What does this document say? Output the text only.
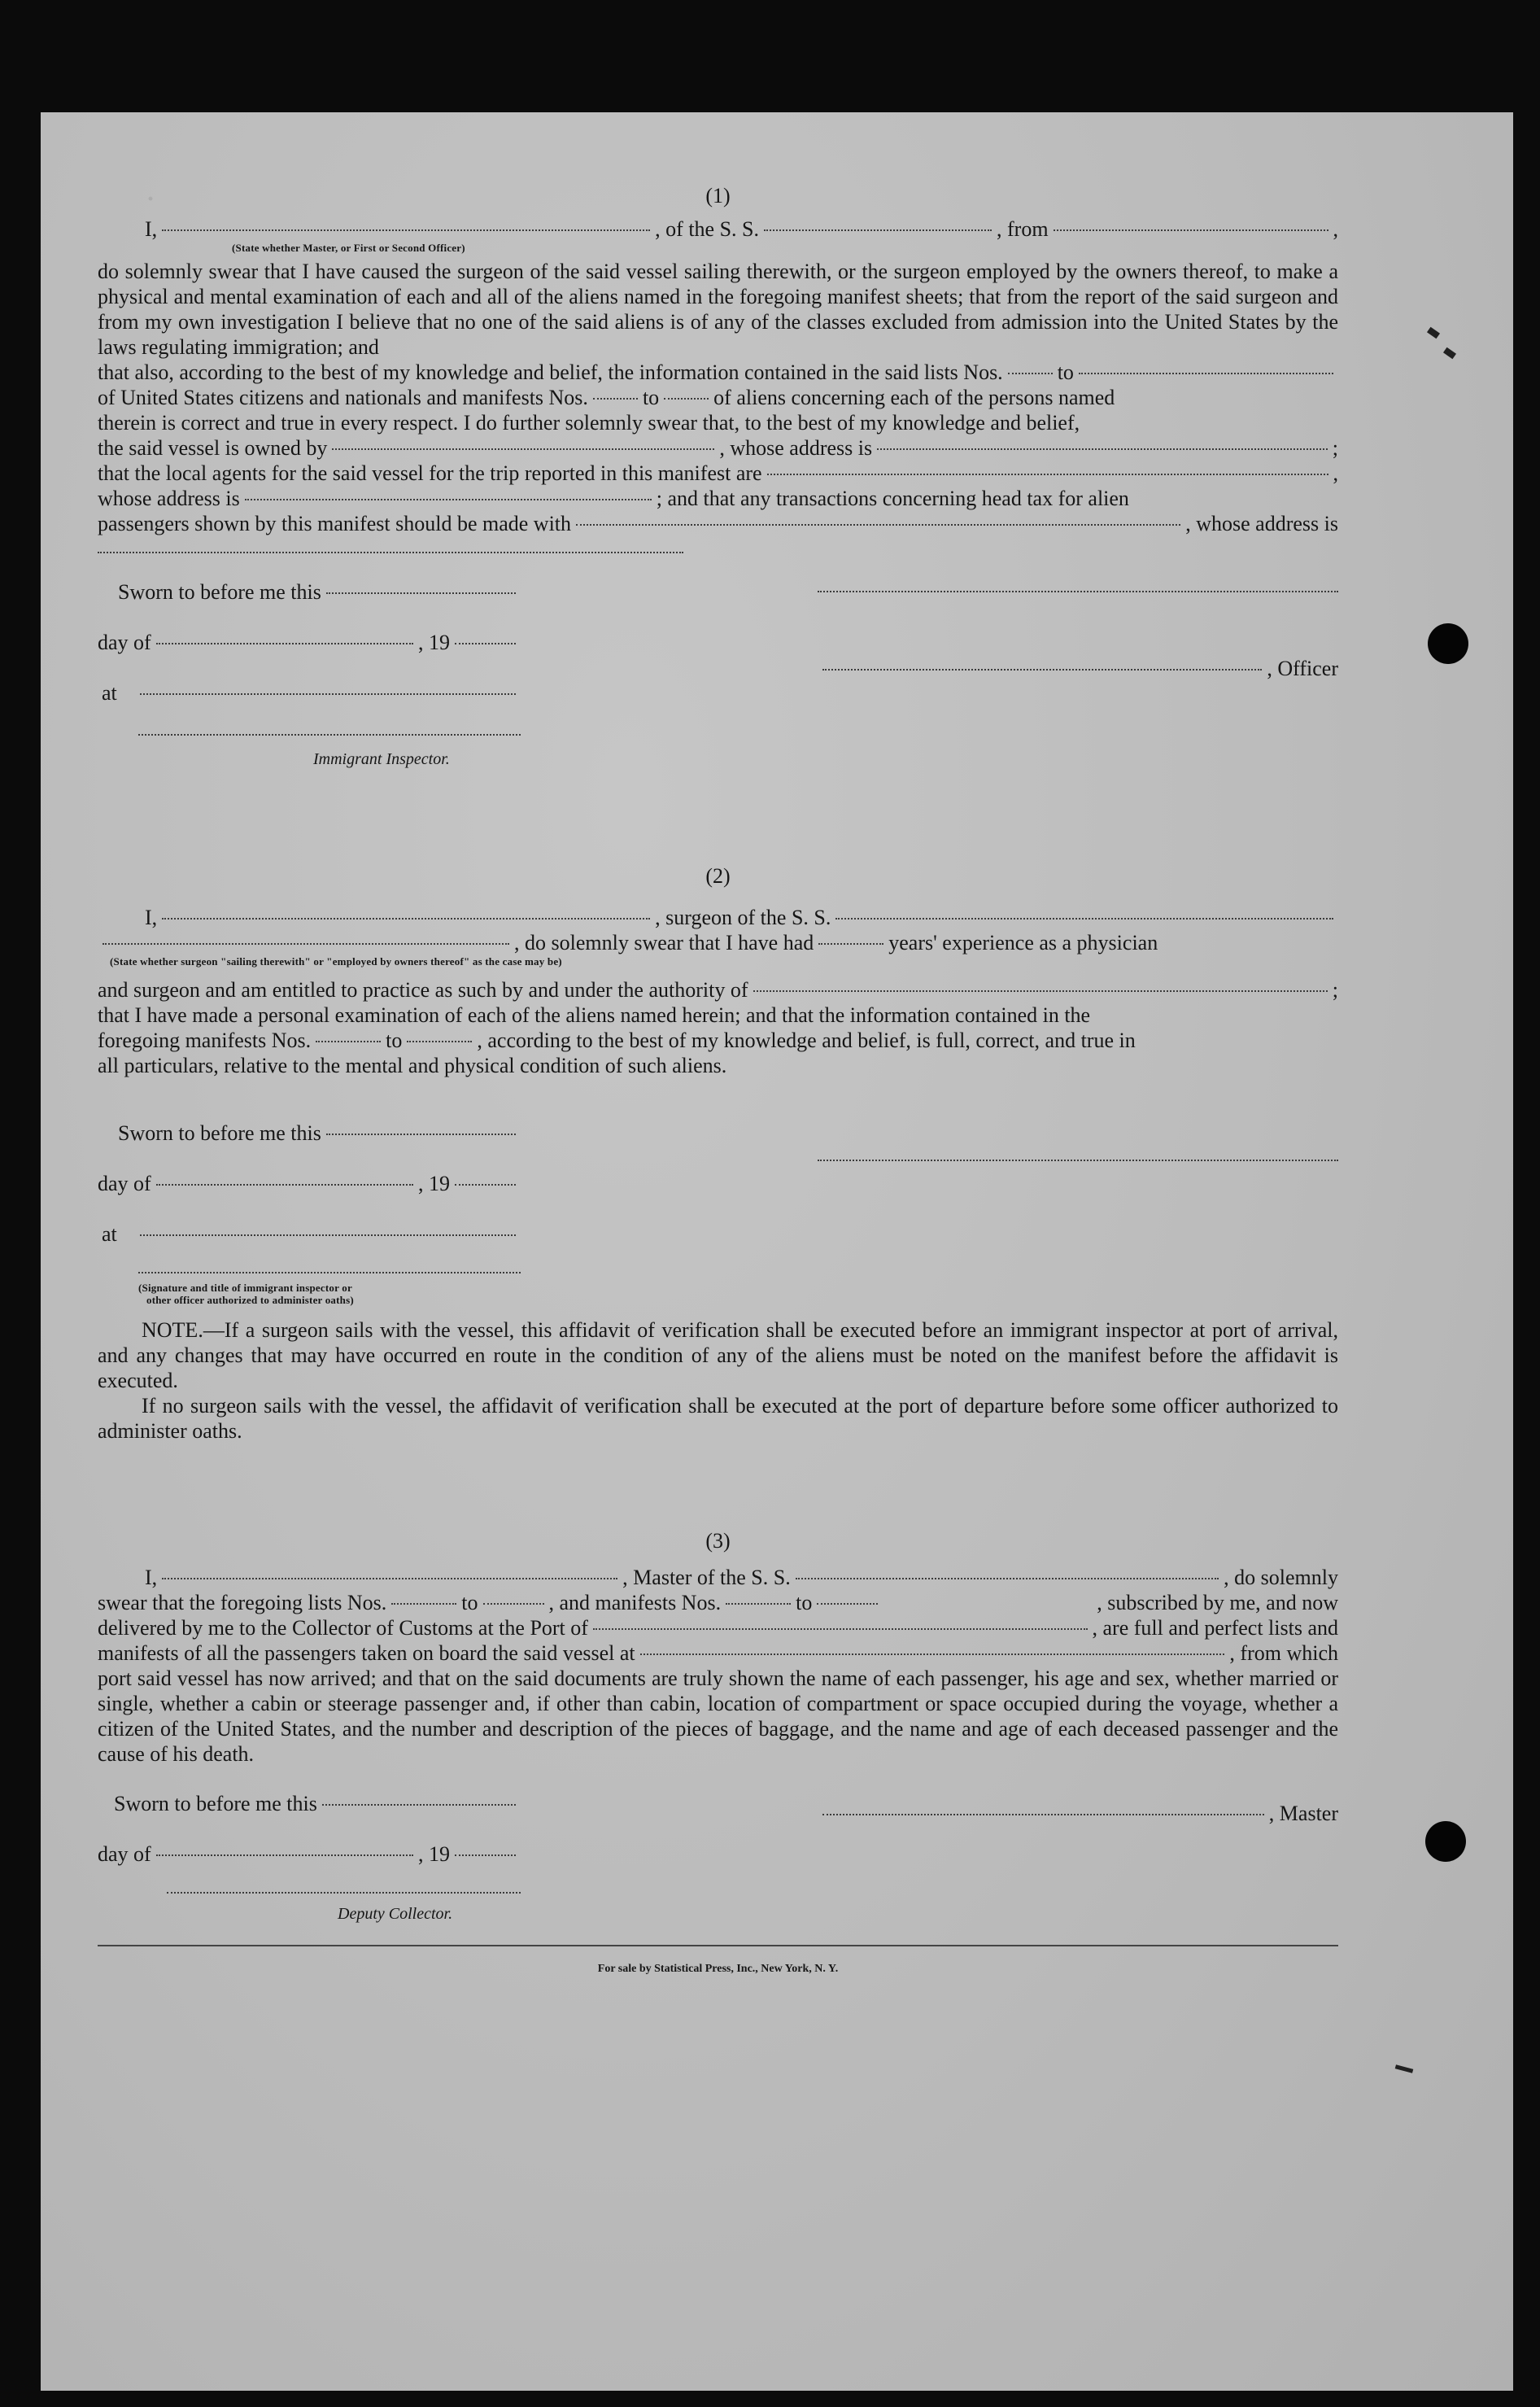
·	(1)
I,	, of the S. S.	, from	,
(State whether Master, or First or Second Officer)

do solemnly swear that I have caused the surgeon of the said vessel sailing therewith, or the surgeon employed by the owners thereof, to make a physical and mental examination of each and all of the aliens named in the foregoing manifest sheets; that from the report of the said surgeon and from my own investigation I believe that no one of the said aliens is of any of the classes excluded from admission into the United States by the laws regulating immigration; and

that also, according to the best of my knowledge and belief, the information contained in the said lists Nos.	to
of United States citizens and nationals and manifests Nos.	to	of aliens concerning each of the persons named
therein is correct and true in every respect. I do further solemnly swear that, to the best of my knowledge and belief,
the said vessel is owned by	, whose address is	;
that the local agents for the said vessel for the trip reported in this manifest are	,
whose address is	; and that any transactions concerning head tax for alien
passengers shown by this manifest should be made with	, whose address is
Sworn to before me this
day of	, 19
at
Immigrant Inspector.
, Officer
(2)
I,	, surgeon of the S. S.
, do solemnly swear that I have had	years' experience as a physician
(State whether surgeon "sailing therewith" or "employed by owners thereof" as the case may be)
and surgeon and am entitled to practice as such by and under the authority of	;
that I have made a personal examination of each of the aliens named herein; and that the information contained in the
foregoing manifests Nos.	to	, according to the best of my knowledge and belief, is full, correct, and true in
all particulars, relative to the mental and physical condition of such aliens.
Sworn to before me this
day of	, 19
at
(Signature and title of immigrant inspector or
other officer authorized to administer oaths)

NOTE.—If a surgeon sails with the vessel, this affidavit of verification shall be executed before an immigrant inspector at port of arrival, and any changes that may have occurred en route in the condition of any of the aliens must be noted on the manifest before the affidavit is executed.

If no surgeon sails with the vessel, the affidavit of verification shall be executed at the port of departure before some officer authorized to administer oaths.

(3)
I,	, Master of the S. S.	, do solemnly
swear that the foregoing lists Nos.	to	, and manifests Nos.	to	, subscribed by me, and now
delivered by me to the Collector of Customs at the Port of	, are full and perfect lists and
manifests of all the passengers taken on board the said vessel at	, from which

port said vessel has now arrived; and that on the said documents are truly shown the name of each passenger, his age and sex, whether married or single, whether a cabin or steerage passenger and, if other than cabin, location of compartment or space occupied during the voyage, whether a citizen of the United States, and the number and description of the pieces of baggage, and the name and age of each deceased passenger and the cause of his death.

Sworn to before me this
day of	, 19
Deputy Collector.
, Master
For sale by Statistical Press, Inc., New York, N. Y.
